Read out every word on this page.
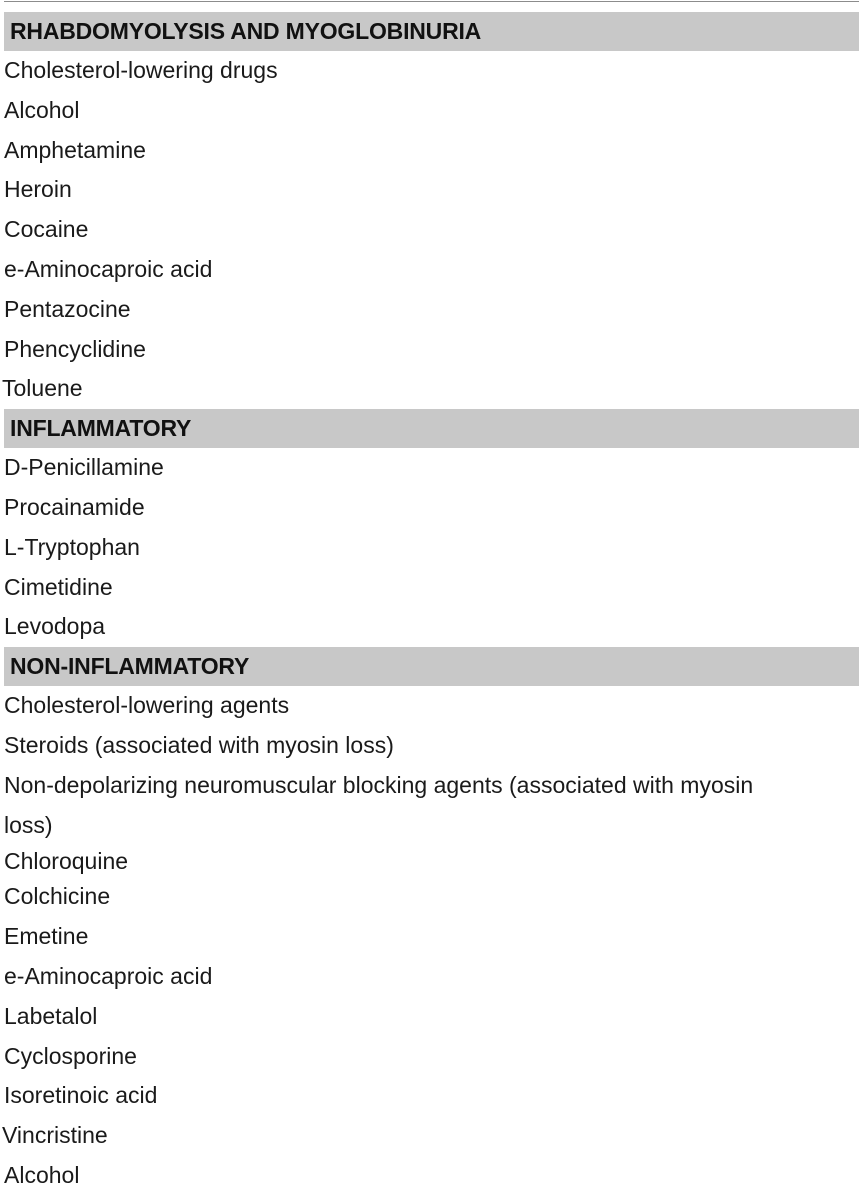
RHABDOMYOLYSIS AND MYOGLOBINURIA
Cholesterol-lowering drugs
Alcohol
Amphetamine
Heroin
Cocaine
e-Aminocaproic acid
Pentazocine
Phencyclidine
Toluene
INFLAMMATORY
D-Penicillamine
Procainamide
L-Tryptophan
Cimetidine
Levodopa
NON-INFLAMMATORY
Cholesterol-lowering agents
Steroids (associated with myosin loss)
Non-depolarizing neuromuscular blocking agents (associated with myosin loss)
Chloroquine
Colchicine
Emetine
e-Aminocaproic acid
Labetalol
Cyclosporine
Isoretinoic acid
Vincristine
Alcohol
